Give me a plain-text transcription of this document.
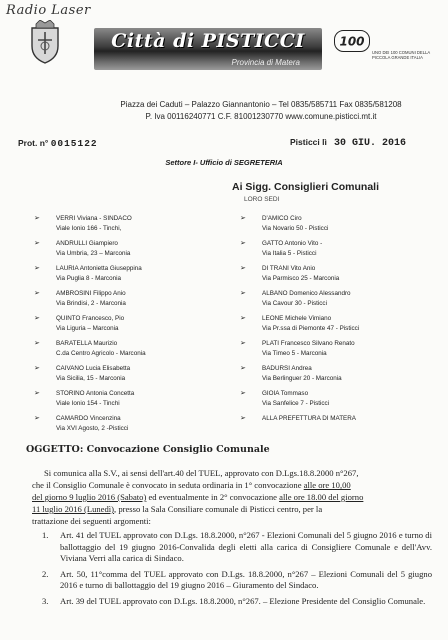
Radio Laser
Città di PISTICCI
Provincia di Matera
100
UNO DEI 100 COMUNI DELLA PICCOLA GRANDE ITALIA
Piazza dei Caduti – Palazzo Giannantonio – Tel 0835/585711 Fax 0835/581208
P. Iva 00116240771 C.F. 81001230770 www.comune.pisticci.mt.it
Prot. n° 0015122	Pisticci lì 30 GIU. 2016
Settore I- Ufficio di SEGRETERIA
Ai Sigg. Consiglieri Comunali
LORO SEDI
➢	VERRI Viviana - SINDACO
Viale Ionio 166 - Tinchi,
➢	ANDRULLI Giampiero
Via Umbria, 23 – Marconia
➢	LAURIA Antonietta Giuseppina
Via Puglia 8 - Marconia
➢	AMBROSINI Filippo Anio
Via Brindisi, 2 - Marconia
➢	QUINTO Francesco, Pio
Via Liguria – Marconia
➢	BARATELLA Maurizio
C.da Centro Agricolo - Marconia
➢	CAIVANO Lucia Elisabetta
Via Sicilia, 15 - Marconia
➢	STORINO Antonia Concetta
Viale Ionio 154 - Tinchi
➢	CAMARDO Vincenzina
Via XVI Agosto, 2 -Pisticci
➢	D'AMICO Ciro
Via Novario 50 - Pisticci
➢	GATTO Antonio Vito -
Via Italia 5 - Pisticci
➢	DI TRANI Vito Anio
Via Parmisco 25 - Marconia
➢	ALBANO Domenico Alessandro
Via Cavour 30 - Pisticci
➢	LEONE Michele Vimiano
Via Pr.ssa di Piemonte 47 - Pisticci
➢	PLATI Francesco Silvano Renato
Via Timeo 5 - Marconia
➢	BADURSI Andrea
Via Berlinguer 20 - Marconia
➢	GIOIA Tommaso
Via Sanfelice 7 - Pisticci
➢	ALLA PREFETTURA DI MATERA
OGGETTO: Convocazione Consiglio Comunale
Si comunica alla S.V., ai sensi dell'art.40 del TUEL, approvato con D.Lgs.18.8.2000 n°267,
che il Consiglio Comunale è convocato in seduta ordinaria in 1° convocazione alle ore 10,00
del giorno 9 luglio 2016 (Sabato) ed eventualmente in 2° convocazione alle ore 18.00 del giorno
11 luglio 2016 (Lunedì), presso la Sala Consiliare comunale di Pisticci centro, per la
trattazione dei seguenti argomenti:
1. Art. 41 del TUEL approvato con D.Lgs. 18.8.2000, n°267 - Elezioni Comunali del 5 giugno 2016 e turno di ballottaggio del 19 giugno 2016-Convalida degli eletti alla carica di Consigliere Comunale e dell'Avv. Viviana Verri alla carica di Sindaco.
2. Art. 50, 11°comma del TUEL approvato con D.Lgs. 18.8.2000, n°267 – Elezioni Comunali del 5 giugno 2016 e turno di ballottaggio del 19 giugno 2016 – Giuramento del Sindaco.
3. Art. 39 del TUEL approvato con D.Lgs. 18.8.2000, n°267. – Elezione Presidente del Consiglio Comunale.
